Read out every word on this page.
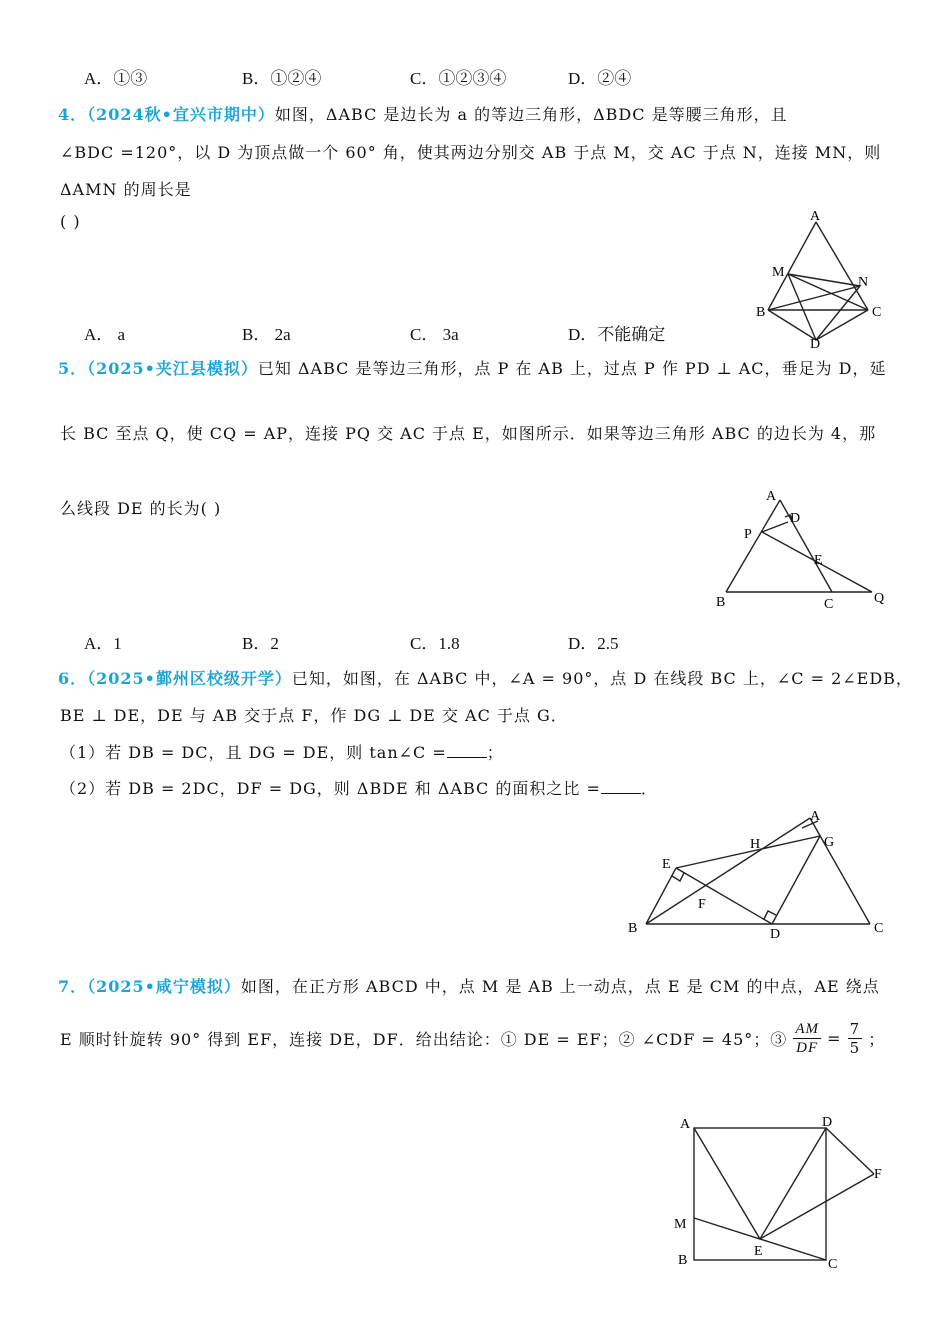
A．①③	B．①②④	C．①②③④	D．②④
4．（2024秋•宜兴市期中）如图，ΔABC 是边长为 a 的等边三角形，ΔBDC 是等腰三角形，且
∠BDC =120°，以 D 为顶点做一个 60° 角，使其两边分别交 AB 于点 M，交 AC 于点 N，连接 MN，则
ΔAMN 的周长是
( )
A． a	B． 2a	C． 3a	D．不能确定
A
M
N
B	C
D
5．（2025•夹江县模拟）已知 ΔABC 是等边三角形，点 P 在 AB 上，过点 P 作 PD ⊥ AC，垂足为 D，延
长 BC 至点 Q，使 CQ = AP，连接 PQ 交 AC 于点 E，如图所示．如果等边三角形 ABC 的边长为 4，那
么线段 DE 的长为( )
A．1	B．2	C．1.8	D．2.5
A
D
P
E
B	C	Q
6．（2025•鄞州区校级开学）已知，如图，在 ΔABC 中，∠A = 90°，点 D 在线段 BC 上，∠C = 2∠EDB，
BE ⊥ DE，DE 与 AB 交于点 F，作 DG ⊥ DE 交 AC 于点 G．
（1）若 DB = DC，且 DG = DE，则 tan∠C =	；
（2）若 DB = 2DC，DF = DG，则 ΔBDE 和 ΔABC 的面积之比 =	．
A
H	G
E
F
B	D	C
7．（2025•咸宁模拟）如图，在正方形 ABCD 中，点 M 是 AB 上一动点，点 E 是 CM 的中点，AE 绕点
E 顺时针旋转 90° 得到 EF，连接 DE，DF．给出结论：① DE = EF；② ∠CDF = 45°；③ $\frac{AM}{DF} = \frac{7}{5}$ ；
A	D
F
M
B
E
C
